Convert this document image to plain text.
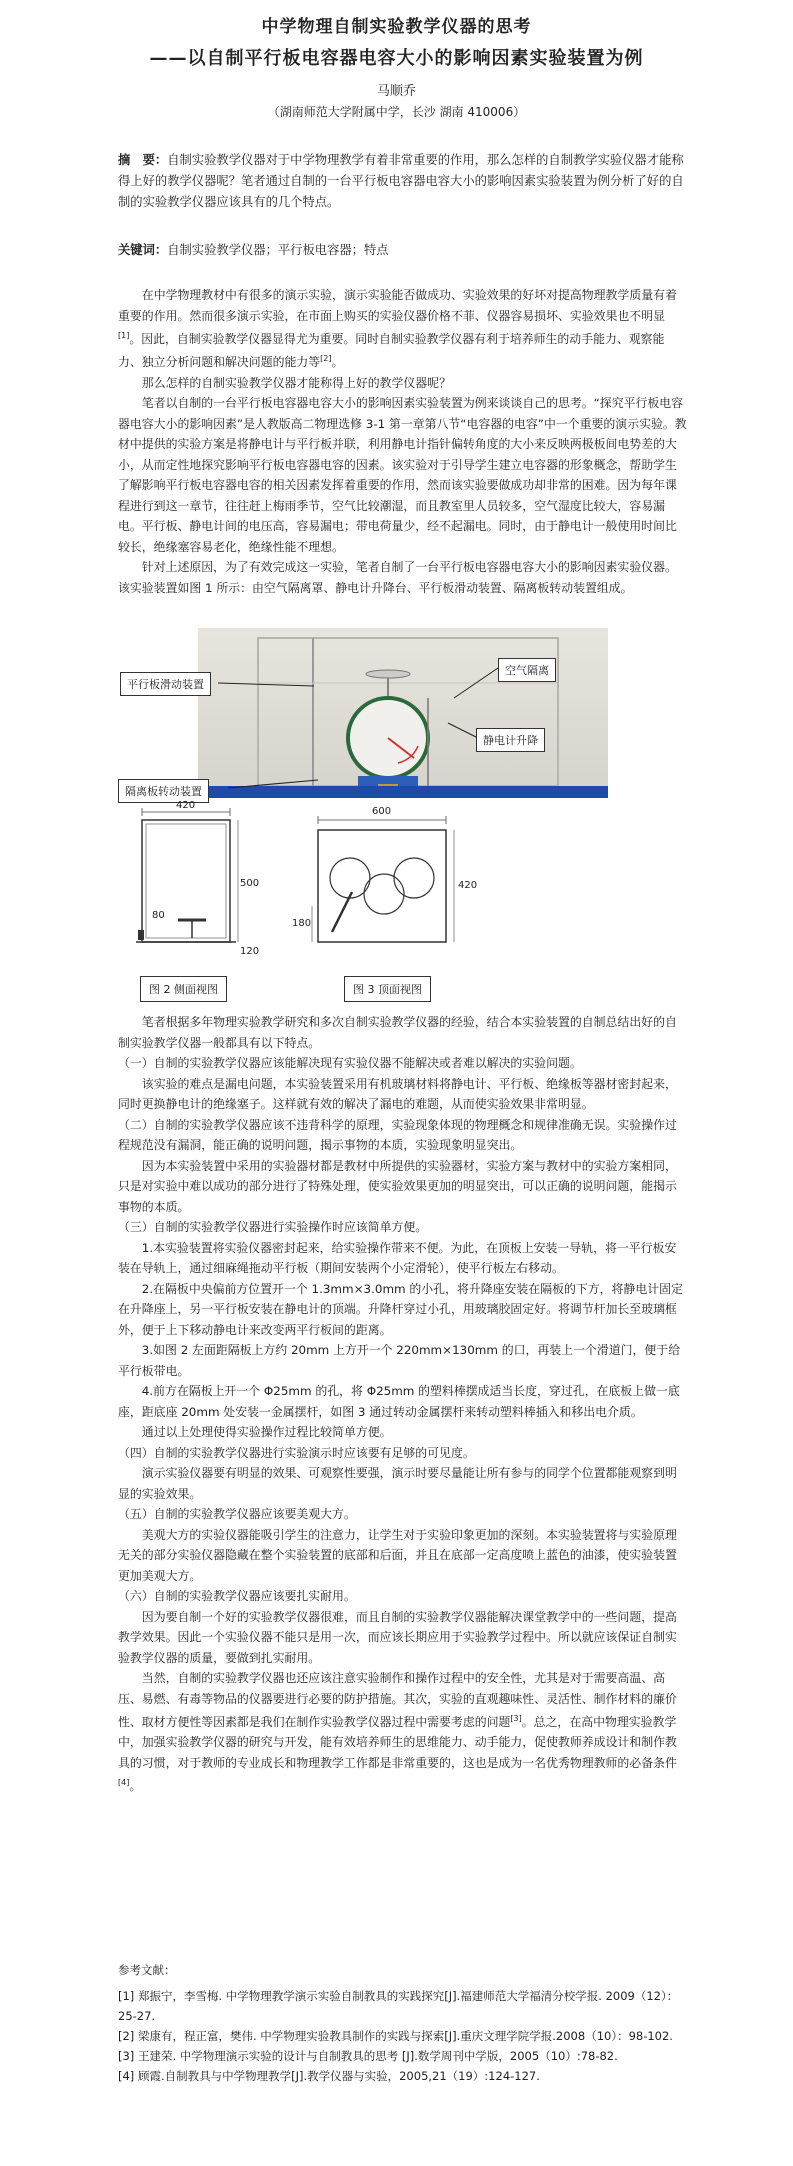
中学物理自制实验教学仪器的思考
——以自制平行板电容器电容大小的影响因素实验装置为例
马顺乔
（湖南师范大学附属中学，长沙 湖南 410006）
摘　要：自制实验教学仪器对于中学物理教学有着非常重要的作用，那么怎样的自制教学实验仪器才能称得上好的教学仪器呢？笔者通过自制的一台平行板电容器电容大小的影响因素实验装置为例分析了好的自制的实验教学仪器应该具有的几个特点。
关键词：自制实验教学仪器；平行板电容器；特点

在中学物理教材中有很多的演示实验，演示实验能否做成功、实验效果的好坏对提高物理教学质量有着重要的作用。然而很多演示实验，在市面上购买的实验仪器价格不菲、仪器容易损坏、实验效果也不明显[1]。因此，自制实验教学仪器显得尤为重要。同时自制实验教学仪器有利于培养师生的动手能力、观察能力、独立分析问题和解决问题的能力等[2]。

那么怎样的自制实验教学仪器才能称得上好的教学仪器呢？

笔者以自制的一台平行板电容器电容大小的影响因素实验装置为例来谈谈自己的思考。“探究平行板电容器电容大小的影响因素”是人教版高二物理选修 3-1 第一章第八节“电容器的电容”中一个重要的演示实验。教材中提供的实验方案是将静电计与平行板并联，利用静电计指针偏转角度的大小来反映两极板间电势差的大小，从而定性地探究影响平行板电容器电容的因素。该实验对于引导学生建立电容器的形象概念，帮助学生了解影响平行板电容器电容的相关因素发挥着重要的作用，然而该实验要做成功却非常的困难。因为每年课程进行到这一章节，往往赶上梅雨季节，空气比较潮湿，而且教室里人员较多，空气湿度比较大，容易漏电。平行板、静电计间的电压高，容易漏电；带电荷量少，经不起漏电。同时，由于静电计一般使用时间比较长，绝缘塞容易老化，绝缘性能不理想。

针对上述原因，为了有效完成这一实验，笔者自制了一台平行板电容器电容大小的影响因素实验仪器。该实验装置如图 1 所示：由空气隔离罩、静电计升降台、平行板滑动装置、隔离板转动装置组成。

平行板滑动装置
空气隔离
静电计升降
隔离板转动装置
420
500
80
120
600
420
180
图 2 侧面视图	图 3 顶面视图

笔者根据多年物理实验教学研究和多次自制实验教学仪器的经验，结合本实验装置的自制总结出好的自制实验教学仪器一般都具有以下特点。

（一）自制的实验教学仪器应该能解决现有实验仪器不能解决或者难以解决的实验问题。

该实验的难点是漏电问题，本实验装置采用有机玻璃材料将静电计、平行板、绝缘板等器材密封起来，同时更换静电计的绝缘塞子。这样就有效的解决了漏电的难题，从而使实验效果非常明显。

（二）自制的实验教学仪器应该不违背科学的原理，实验现象体现的物理概念和规律准确无误。实验操作过程规范没有漏洞，能正确的说明问题，揭示事物的本质，实验现象明显突出。

因为本实验装置中采用的实验器材都是教材中所提供的实验器材，实验方案与教材中的实验方案相同，只是对实验中难以成功的部分进行了特殊处理，使实验效果更加的明显突出，可以正确的说明问题，能揭示事物的本质。

（三）自制的实验教学仪器进行实验操作时应该简单方便。

1.本实验装置将实验仪器密封起来，给实验操作带来不便。为此，在顶板上安装一导轨，将一平行板安装在导轨上，通过细麻绳拖动平行板（期间安装两个小定滑轮），使平行板左右移动。

2.在隔板中央偏前方位置开一个 1.3mm×3.0mm 的小孔，将升降座安装在隔板的下方，将静电计固定在升降座上，另一平行板安装在静电计的顶端。升降杆穿过小孔，用玻璃胶固定好。将调节杆加长至玻璃框外，便于上下移动静电计来改变两平行板间的距离。

3.如图 2 左面距隔板上方约 20mm 上方开一个 220mm×130mm 的口，再装上一个滑道门，便于给平行板带电。

4.前方在隔板上开一个 Φ25mm 的孔，将 Φ25mm 的塑料棒摆成适当长度，穿过孔，在底板上做一底座，距底座 20mm 处安装一金属摆杆，如图 3 通过转动金属摆杆来转动塑料棒插入和移出电介质。

通过以上处理使得实验操作过程比较简单方便。

（四）自制的实验教学仪器进行实验演示时应该要有足够的可见度。

演示实验仪器要有明显的效果、可观察性要强，演示时要尽量能让所有参与的同学个位置都能观察到明显的实验效果。

（五）自制的实验教学仪器应该要美观大方。

美观大方的实验仪器能吸引学生的注意力，让学生对于实验印象更加的深刻。本实验装置将与实验原理无关的部分实验仪器隐藏在整个实验装置的底部和后面，并且在底部一定高度喷上蓝色的油漆，使实验装置更加美观大方。

（六）自制的实验教学仪器应该要扎实耐用。

因为要自制一个好的实验教学仪器很难，而且自制的实验教学仪器能解决课堂教学中的一些问题，提高教学效果。因此一个实验仪器不能只是用一次，而应该长期应用于实验教学过程中。所以就应该保证自制实验教学仪器的质量，要做到扎实耐用。

当然，自制的实验教学仪器也还应该注意实验制作和操作过程中的安全性，尤其是对于需要高温、高压、易燃、有毒等物品的仪器要进行必要的防护措施。其次，实验的直观趣味性、灵活性、制作材料的廉价性、取材方便性等因素都是我们在制作实验教学仪器过程中需要考虑的问题[3]。总之，在高中物理实验教学中，加强实验教学仪器的研究与开发，能有效培养师生的思维能力、动手能力，促使教师养成设计和制作教具的习惯，对于教师的专业成长和物理教学工作都是非常重要的，这也是成为一名优秀物理教师的必备条件[4]。

参考文献：

[1] 郑振宁，李雪梅. 中学物理教学演示实验自制教具的实践探究[J].福建师范大学福清分校学报. 2009（12）：25-27.

[2] 梁康有，程正富，樊伟. 中学物理实验教具制作的实践与探索[J].重庆文理学院学报.2008（10）：98-102.

[3] 王建荣. 中学物理演示实验的设计与自制教具的思考 [J].数学周刊中学版，2005（10）:78-82.

[4] 顾霞.自制教具与中学物理教学[J].教学仪器与实验，2005,21（19）:124-127.
